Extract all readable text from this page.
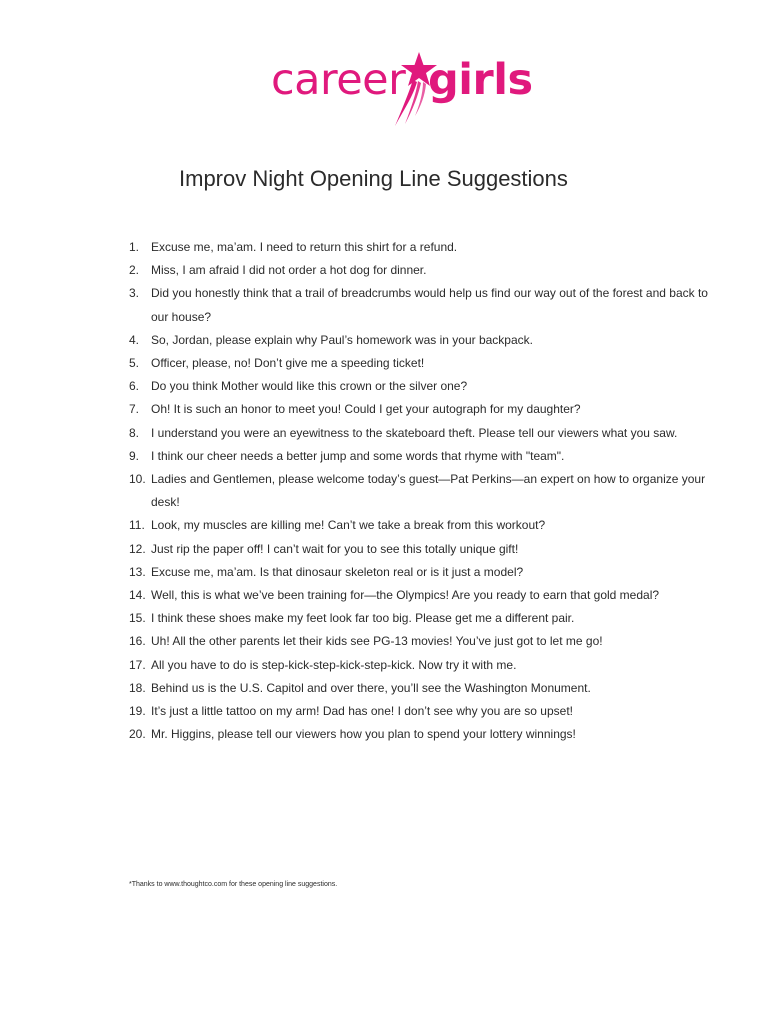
career girls
Improv Night Opening Line Suggestions
1. Excuse me, ma’am. I need to return this shirt for a refund.
2. Miss, I am afraid I did not order a hot dog for dinner.
3. Did you honestly think that a trail of breadcrumbs would help us find our way out of the forest and back to our house?
4. So, Jordan, please explain why Paul’s homework was in your backpack.
5. Officer, please, no! Don’t give me a speeding ticket!
6. Do you think Mother would like this crown or the silver one?
7. Oh! It is such an honor to meet you! Could I get your autograph for my daughter?
8. I understand you were an eyewitness to the skateboard theft. Please tell our viewers what you saw.
9. I think our cheer needs a better jump and some words that rhyme with "team".
10. Ladies and Gentlemen, please welcome today’s guest—Pat Perkins—an expert on how to organize your desk!
11. Look, my muscles are killing me! Can’t we take a break from this workout?
12. Just rip the paper off! I can’t wait for you to see this totally unique gift!
13. Excuse me, ma’am. Is that dinosaur skeleton real or is it just a model?
14. Well, this is what we’ve been training for—the Olympics! Are you ready to earn that gold medal?
15. I think these shoes make my feet look far too big. Please get me a different pair.
16. Uh! All the other parents let their kids see PG-13 movies! You’ve just got to let me go!
17. All you have to do is step-kick-step-kick-step-kick. Now try it with me.
18. Behind us is the U.S. Capitol and over there, you’ll see the Washington Monument.
19. It’s just a little tattoo on my arm! Dad has one! I don’t see why you are so upset!
20. Mr. Higgins, please tell our viewers how you plan to spend your lottery winnings!
*Thanks to www.thoughtco.com for these opening line suggestions.
